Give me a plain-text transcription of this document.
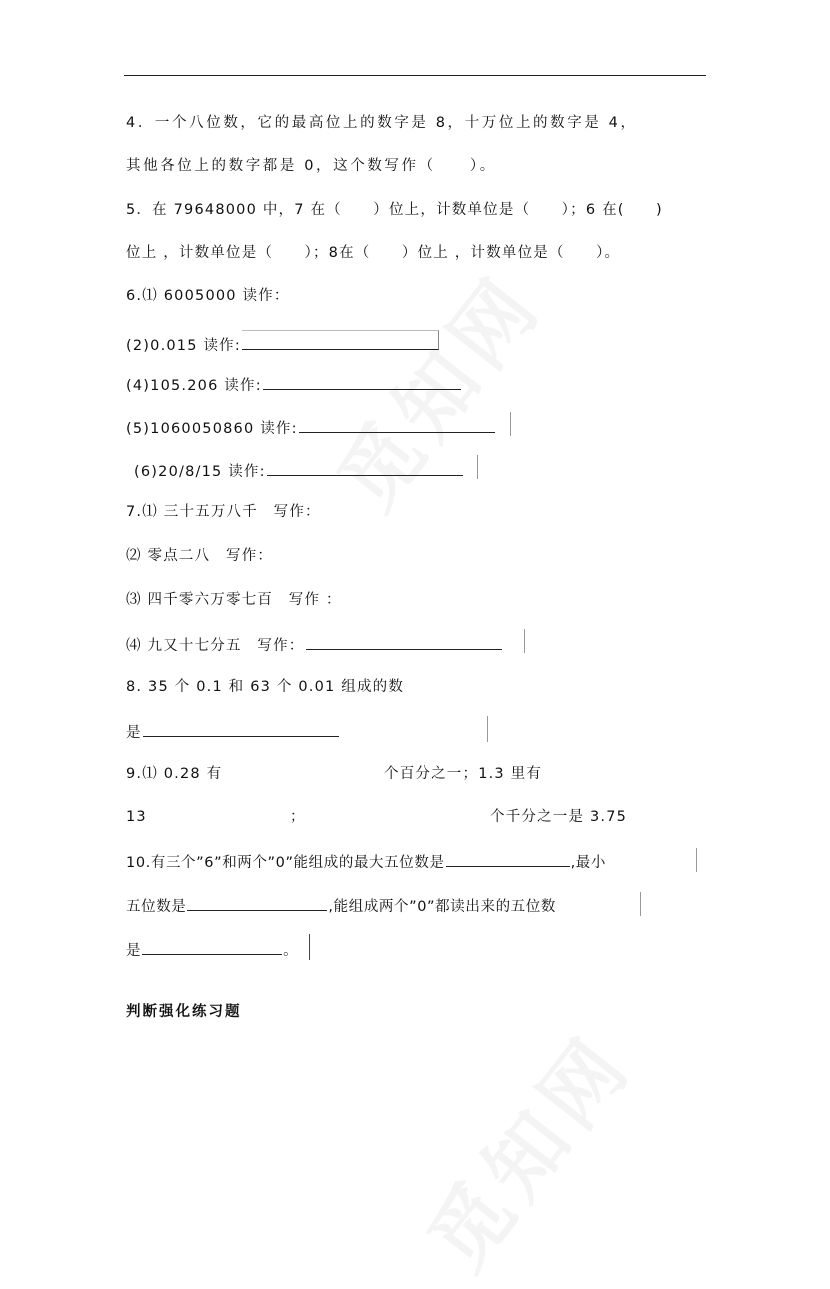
4．一个八位数，它的最高位上的数字是 8，十万位上的数字是 4，
其他各位上的数字都是 0，这个数写作（　　）。
5．在 79648000 中，7 在（　　）位上，计数单位是（　　）；6 在(　　)
位上 ，计数单位是（　　）；8在（　　）位上 ，计数单位是（　　）。
6.⑴ 6005000 读作：
(2)0.015 读作:
(4)105.206 读作:
(5)1060050860 读作:
(6)20/8/15 读作:
7.⑴ 三十五万八千　写作：
⑵ 零点二八　写作：
⑶ 四千零六万零七百　写作 ：
⑷ 九又十七分五　写作：
8. 35 个 0.1 和 63 个 0.01 组成的数
是
9.⑴ 0.28 有	个百分之一；1.3 里有
13	；	个千分之一是 3.75
10.有三个”6”和两个”0”能组成的最大五位数是	,最小
五位数是	,能组成两个”0”都读出来的五位数
是	。
判断强化练习题
